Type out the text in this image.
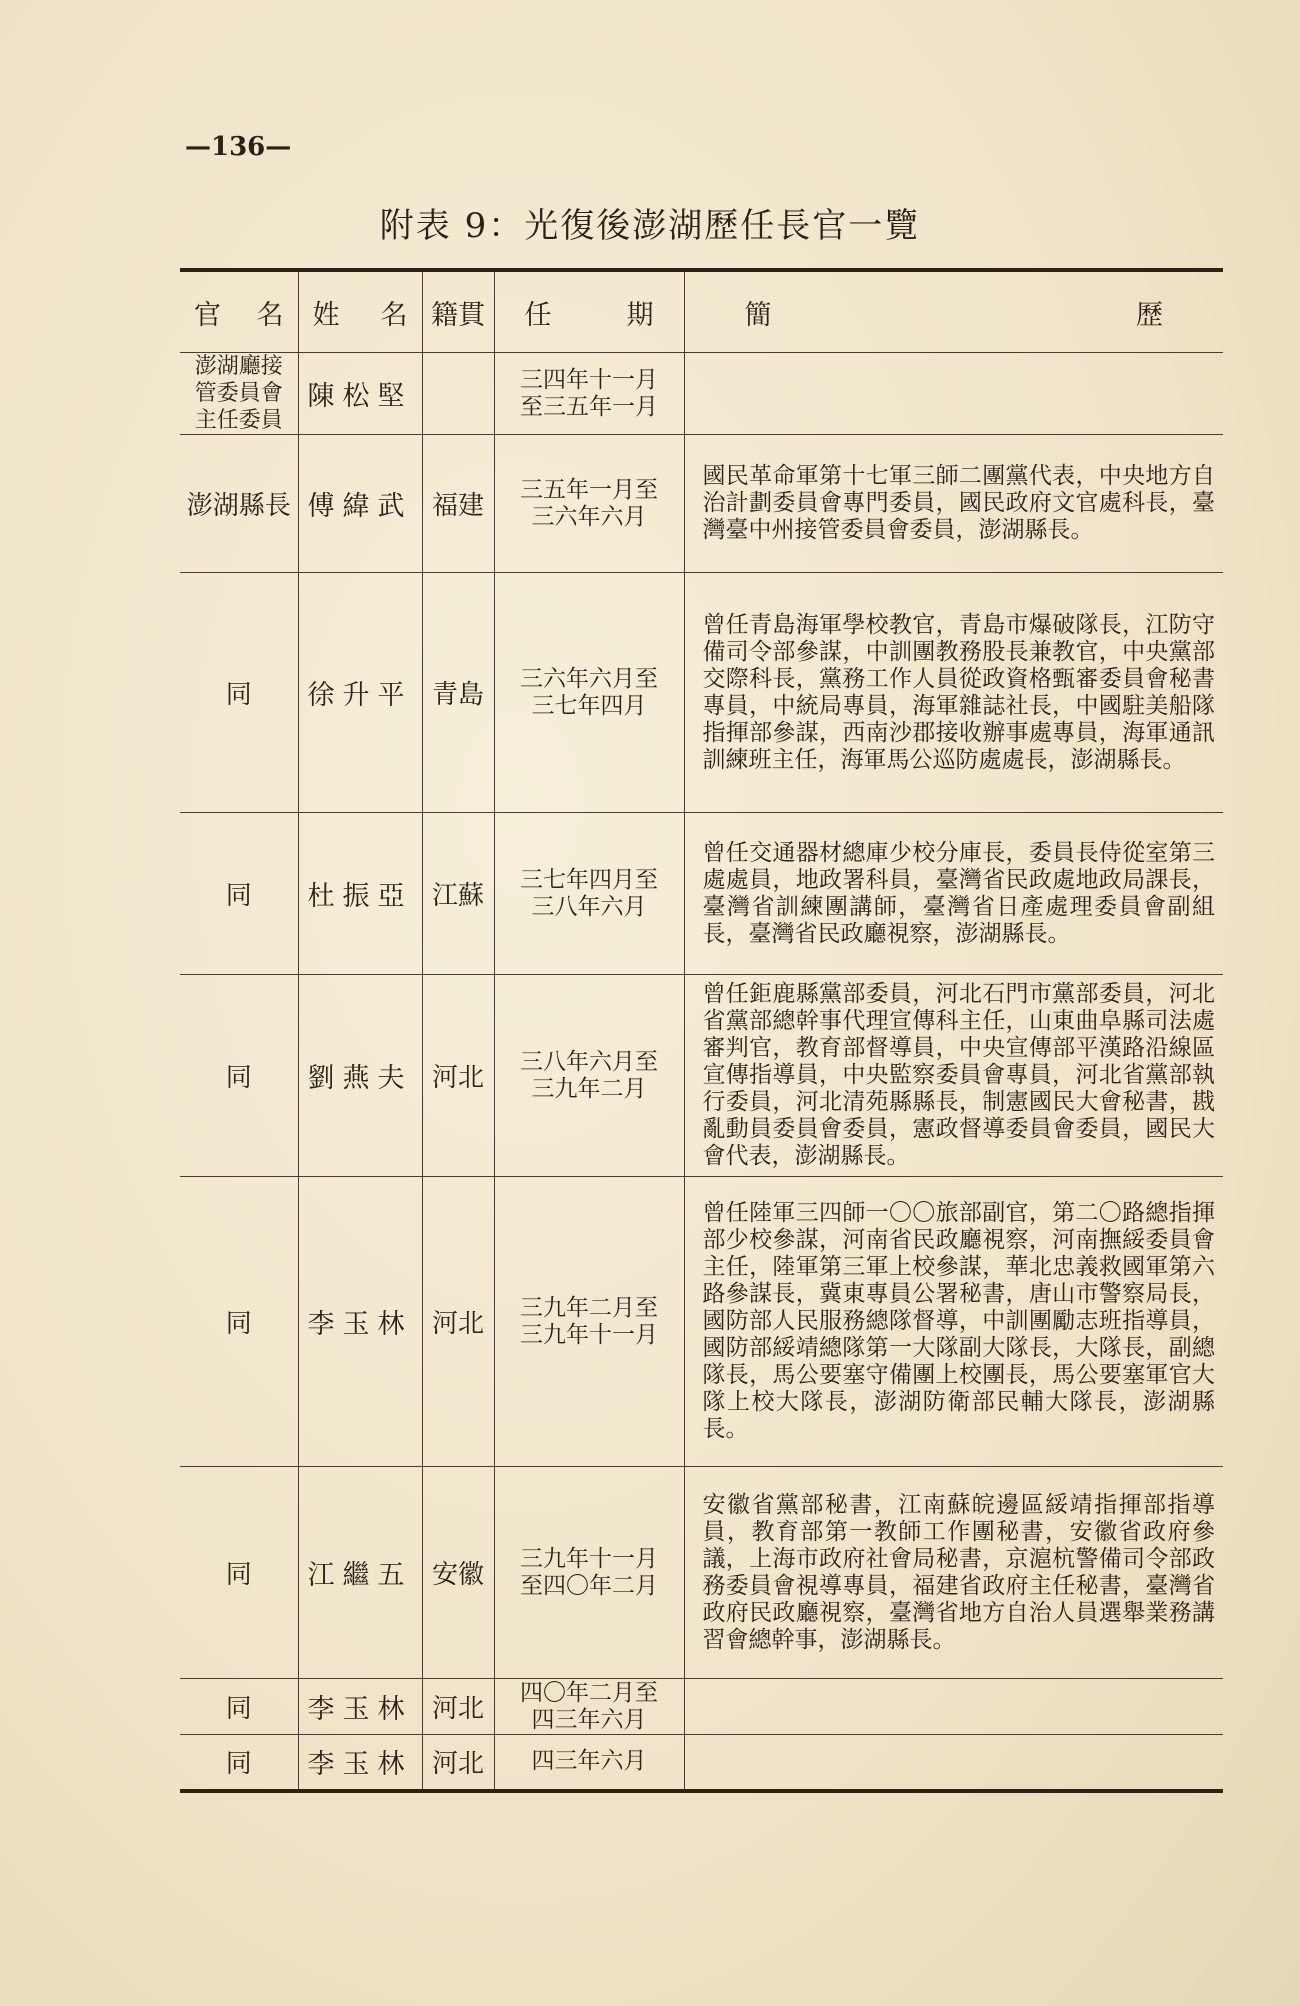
—136—
附表 9：光復後澎湖歷任長官一覽
官　名	姓　名	籍貫	任　期	簡　歷
澎湖廳接管委員會主任委員	陳松堅		三四年十一月至三五年一月	
澎湖縣長	傅緯武	福建	三五年一月至三六年六月	國民革命軍第十七軍三師二團黨代表，中央地方自治計劃委員會專門委員，國民政府文官處科長，臺灣臺中州接管委員會委員，澎湖縣長。
同	徐升平	青島	三六年六月至三七年四月	曾任青島海軍學校教官，青島市爆破隊長，江防守備司令部參謀，中訓團教務股長兼教官，中央黨部交際科長，黨務工作人員從政資格甄審委員會秘書專員，中統局專員，海軍雜誌社長，中國駐美船隊指揮部參謀，西南沙郡接收辦事處專員，海軍通訊訓練班主任，海軍馬公巡防處處長，澎湖縣長。
同	杜振亞	江蘇	三七年四月至三八年六月	曾任交通器材總庫少校分庫長，委員長侍從室第三處處員，地政署科員，臺灣省民政處地政局課長，臺灣省訓練團講師，臺灣省日產處理委員會副組長，臺灣省民政廳視察，澎湖縣長。
同	劉燕夫	河北	三八年六月至三九年二月	曾任鉅鹿縣黨部委員，河北石門市黨部委員，河北省黨部總幹事代理宣傳科主任，山東曲阜縣司法處審判官，教育部督導員，中央宣傳部平漢路沿線區宣傳指導員，中央監察委員會專員，河北省黨部執行委員，河北清苑縣縣長，制憲國民大會秘書，戡亂動員委員會委員，憲政督導委員會委員，國民大會代表，澎湖縣長。
同	李玉林	河北	三九年二月至三九年十一月	曾任陸軍三四師一〇〇旅部副官，第二〇路總指揮部少校參謀，河南省民政廳視察，河南撫綏委員會主任，陸軍第三軍上校參謀，華北忠義救國軍第六路參謀長，冀東專員公署秘書，唐山市警察局長，國防部人民服務總隊督導，中訓團勵志班指導員，國防部綏靖總隊第一大隊副大隊長，大隊長，副總隊長，馬公要塞守備團上校團長，馬公要塞軍官大隊上校大隊長，澎湖防衛部民輔大隊長，澎湖縣長。
同	江繼五	安徽	三九年十一月至四〇年二月	安徽省黨部秘書，江南蘇皖邊區綏靖指揮部指導員，教育部第一教師工作團秘書，安徽省政府參議，上海市政府社會局秘書，京滬杭警備司令部政務委員會視導專員，福建省政府主任秘書，臺灣省政府民政廳視察，臺灣省地方自治人員選舉業務講習會總幹事，澎湖縣長。
同	李玉林	河北	四〇年二月至四三年六月	
同	李玉林	河北	四三年六月	
